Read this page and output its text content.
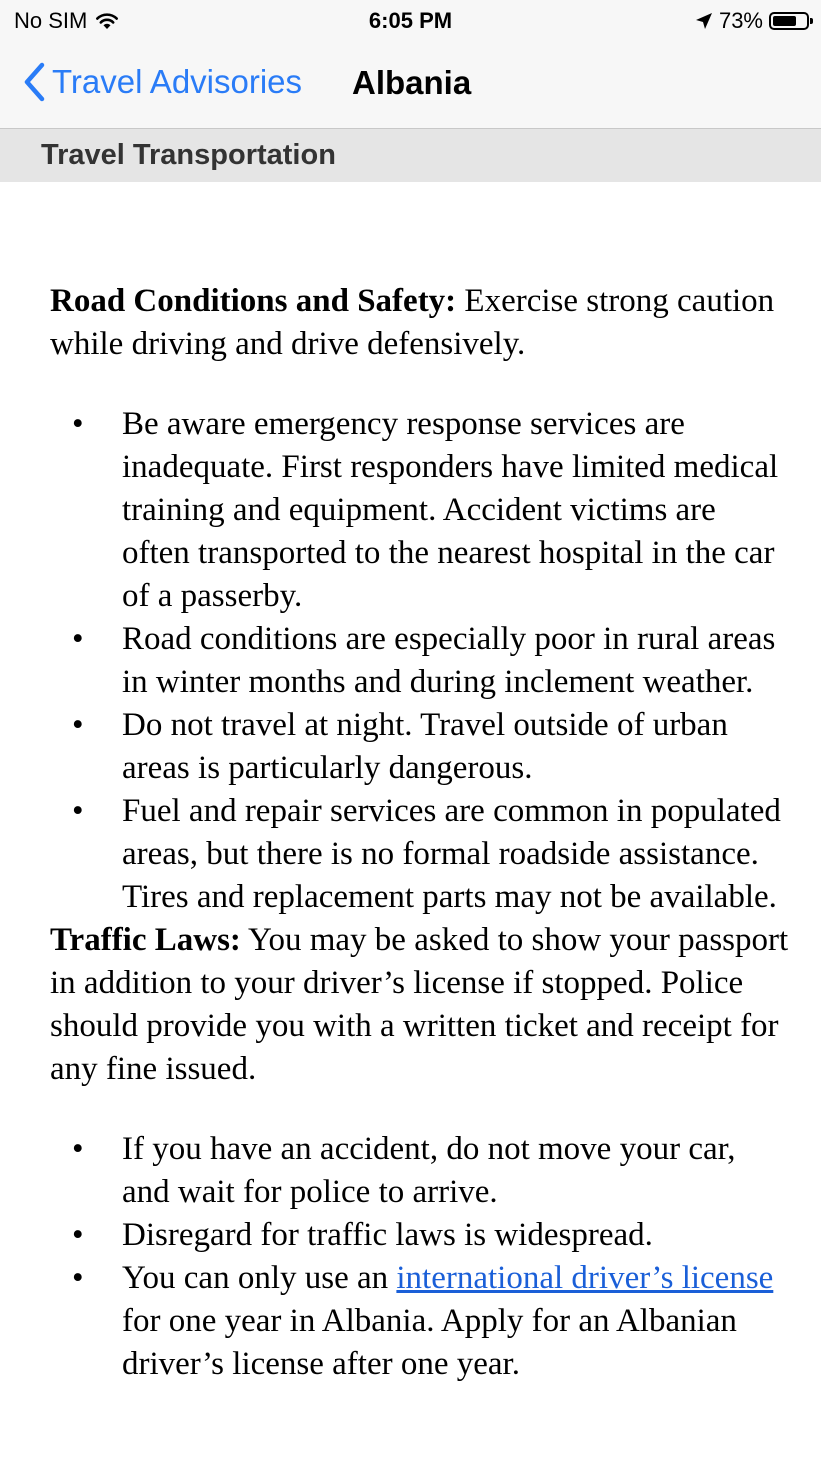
No SIM	6:05 PM	73%
Travel Advisories Albania
Travel Transportation

Road Conditions and Safety: Exercise strong caution while driving and drive defensively.

• Be aware emergency response services are inadequate. First responders have limited medical training and equipment. Accident victims are often transported to the nearest hospital in the car of a passerby.
• Road conditions are especially poor in rural areas in winter months and during inclement weather.
• Do not travel at night. Travel outside of urban areas is particularly dangerous.
• Fuel and repair services are common in populated areas, but there is no formal roadside assistance. Tires and replacement parts may not be available.

Traffic Laws: You may be asked to show your passport in addition to your driver’s license if stopped. Police should provide you with a written ticket and receipt for any fine issued.

• If you have an accident, do not move your car, and wait for police to arrive.
• Disregard for traffic laws is widespread.
• You can only use an international driver’s license for one year in Albania. Apply for an Albanian driver’s license after one year.
